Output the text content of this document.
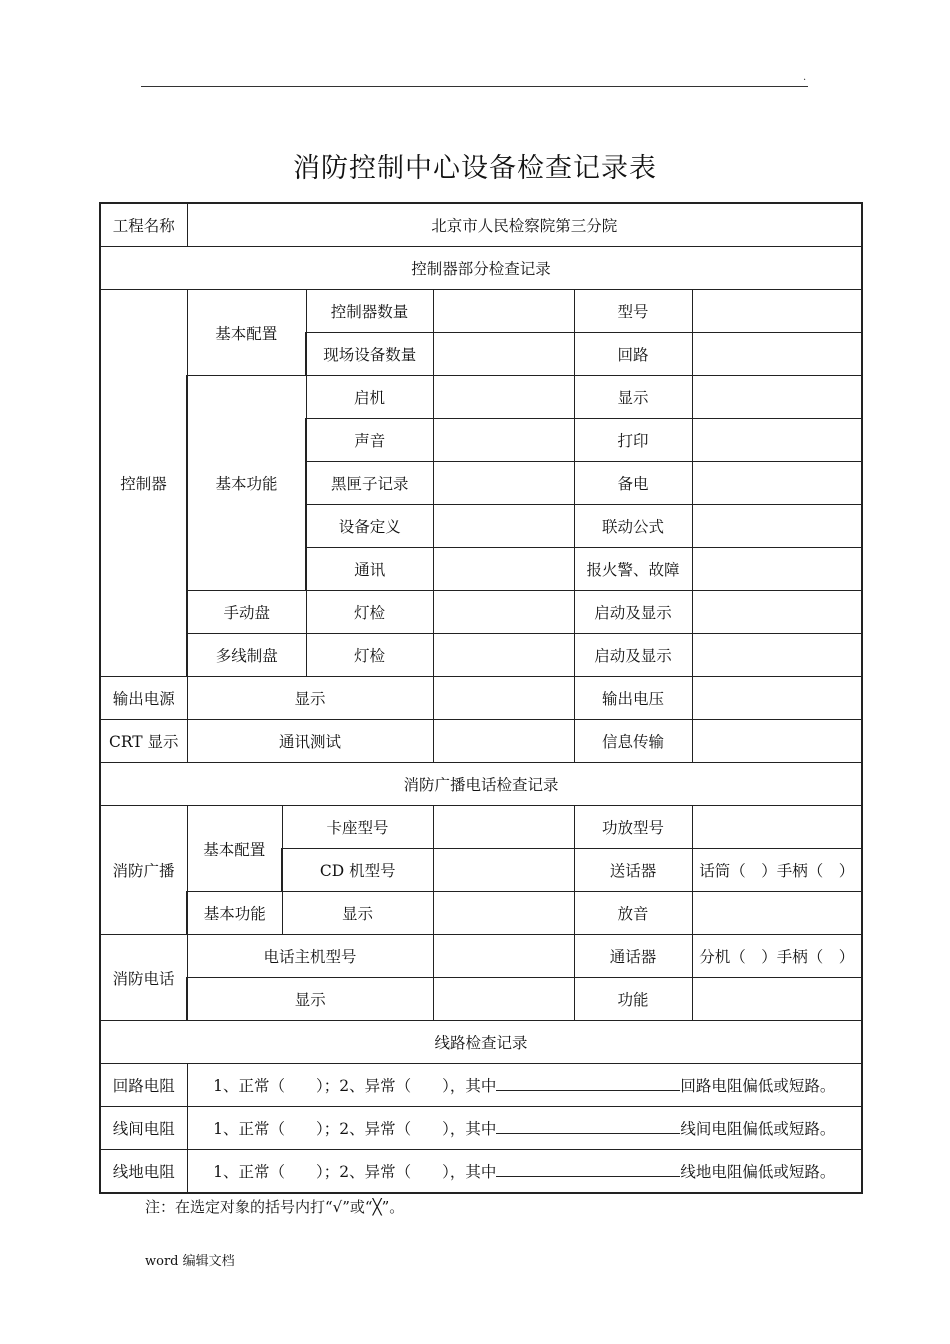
.
消防控制中心设备检查记录表
工程名称	北京市人民检察院第三分院					
控制器部分检查记录						
控制器	基本配置		控制器数量		型号	
			现场设备数量		回路	
	基本功能		启机		显示	
			声音		打印	
			黑匣子记录		备电	
			设备定义		联动公式	
			通讯		报火警、故障	
	手动盘		灯检		启动及显示	
	多线制盘		灯检		启动及显示	
输出电源	显示				输出电压	
CRT 显示	通讯测试				信息传输	
消防广播电话检查记录						
消防广播	基本配置	卡座型号			功放型号	
		CD 机型号			送话器	话筒（　）手柄（　）
	基本功能	显示			放音	
消防电话	电话主机型号				通话器	分机（　）手柄（　）
	显示				功能	
线路检查记录						
回路电阻	1、正常（　　）；2、异常（　　），其中 回路电阻偏低或短路。					
线间电阻	1、正常（　　）；2、异常（　　），其中 线间电阻偏低或短路。					
线地电阻	1、正常（　　）；2、异常（　　），其中 线地电阻偏低或短路。					
注：在选定对象的括号内打“√”或“╳”。
word 编辑文档
